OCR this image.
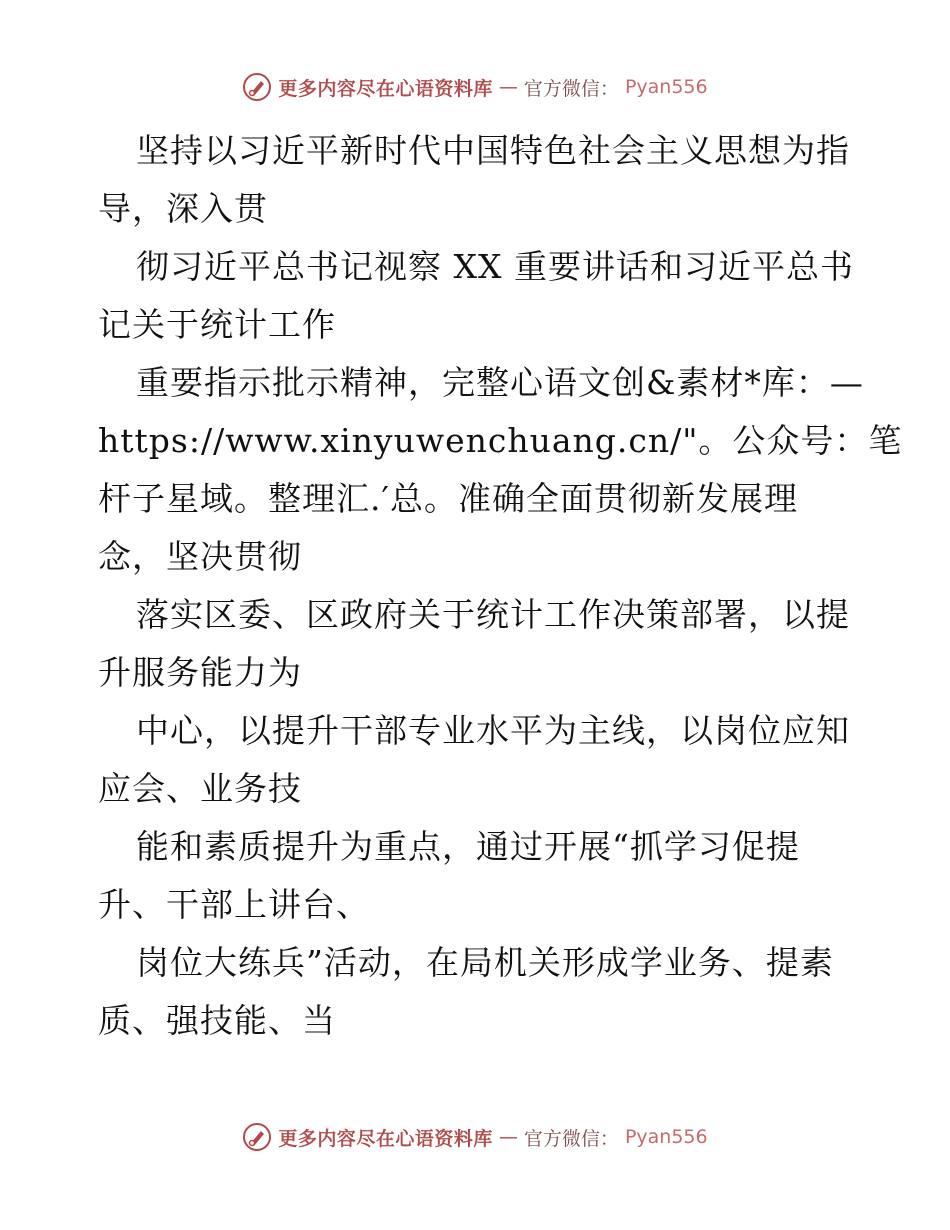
更多内容尽在心语资料库 — 官方微信： Pyan556
坚持以习近平新时代中国特色社会主义思想为指
导，深入贯
彻习近平总书记视察 XX 重要讲话和习近平总书
记关于统计工作
重要指示批示精神，完整心语文创&素材*库：—
https://www.xinyuwenchuang.cn/"。公众号：笔
杆子星域。整理汇.′总。准确全面贯彻新发展理
念，坚决贯彻
落实区委、区政府关于统计工作决策部署，以提
升服务能力为
中心，以提升干部专业水平为主线，以岗位应知
应会、业务技
能和素质提升为重点，通过开展“抓学习促提
升、干部上讲台、
岗位大练兵”活动，在局机关形成学业务、提素
质、强技能、当
更多内容尽在心语资料库 — 官方微信： Pyan556
